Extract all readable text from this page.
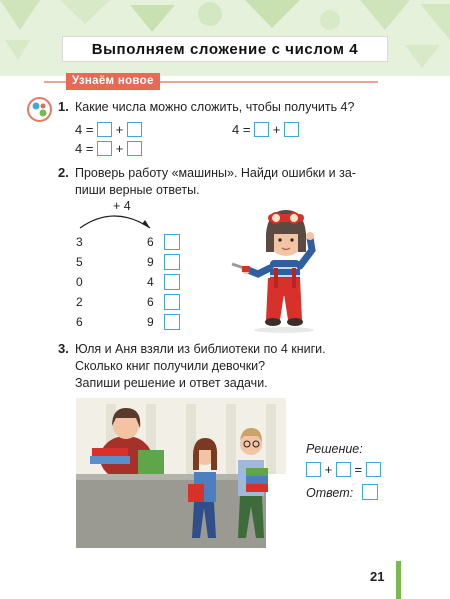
Выполняем сложение с числом 4
Узнаём новое
1. Какие числа можно сложить, чтобы получить 4?
4 = +
4 = +
4 = +
2. Проверь работу «машины». Найди ошибки и за-
пиши верные ответы.
+ 4
3
5
0
2
6
6
9
4
6
9
3. Юля и Аня взяли из библиотеки по 4 книги.
Сколько книг получили девочки?
Запиши решение и ответ задачи.
Решение:
+ =
Ответ:
21
